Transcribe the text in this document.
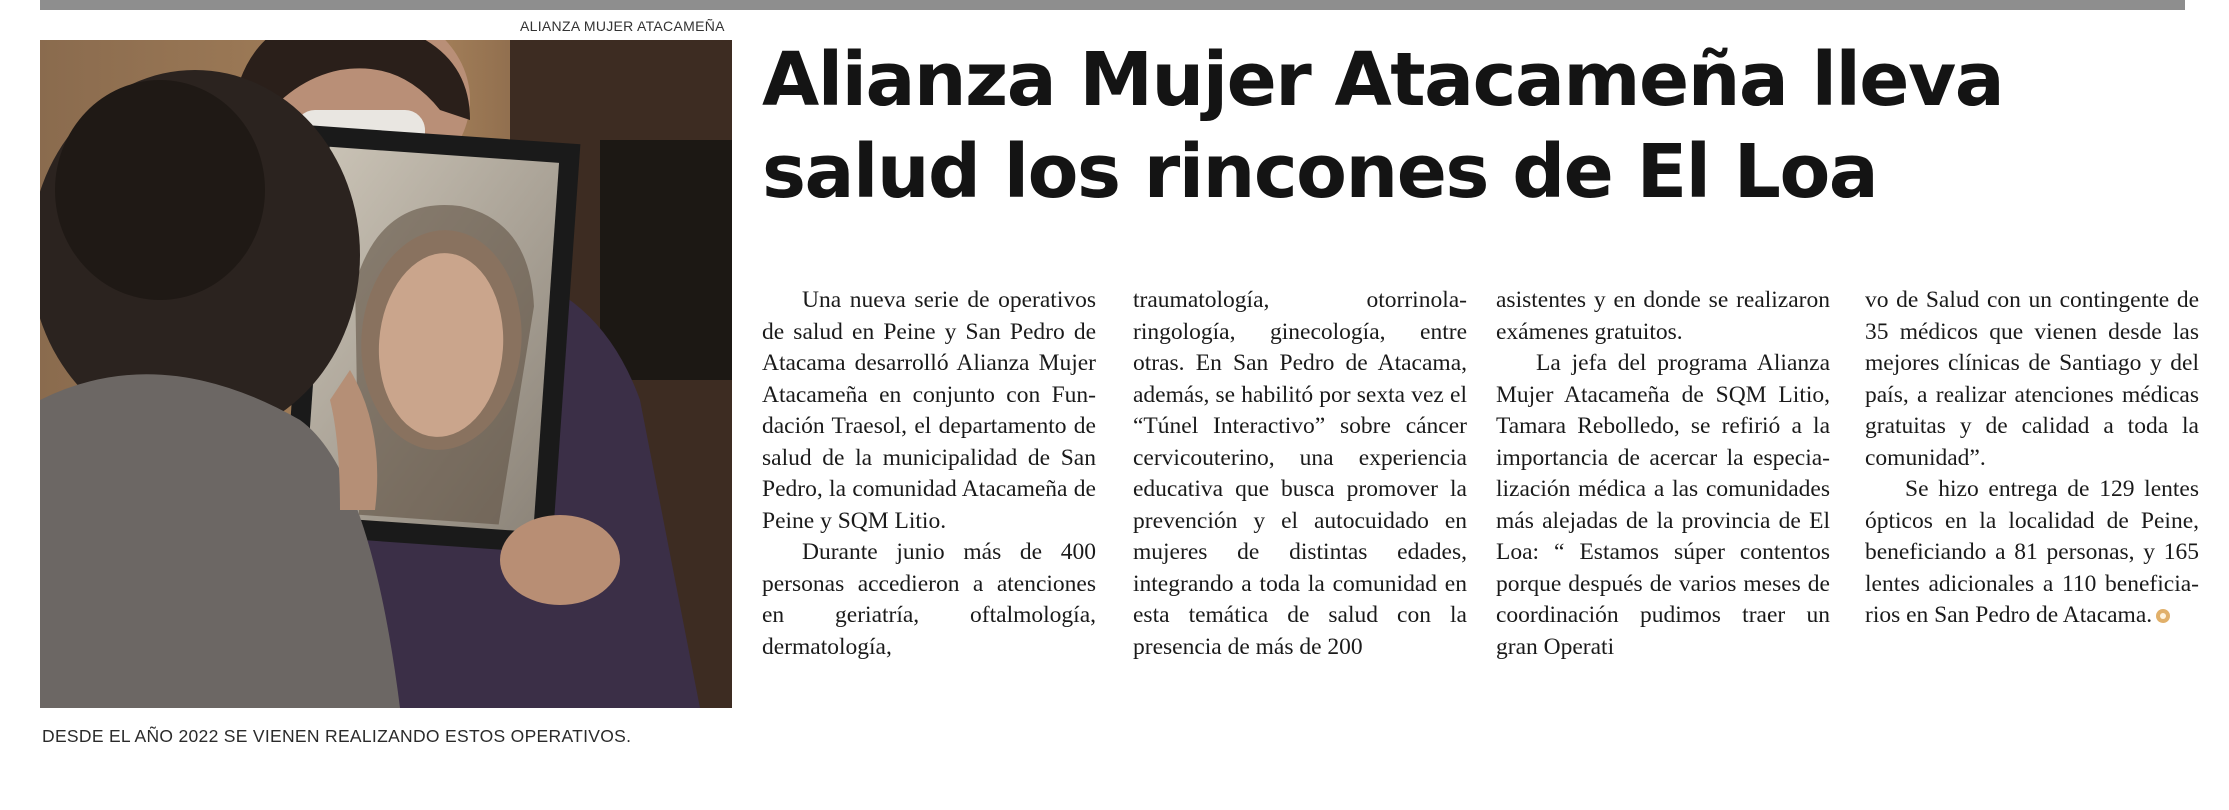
ALIANZA MUJER ATACAMEÑA
DESDE EL AÑO 2022 SE VIENEN REALIZANDO ESTOS OPERATIVOS.
Alianza Mujer Atacameña lleva salud los rincones de El Loa

Una nueva serie de operativos de salud en Peine y San Pedro de Atacama desarrolló Alianza Mujer Atacameña en conjunto con Fundación Traesol, el departamento de salud de la municipalidad de San Pedro, la comunidad Atacameña de Peine y SQM Litio.

Durante junio más de 400 personas accedieron a atenciones en geriatría, oftalmología, dermatología,

traumatología, otorrinolaringología, ginecología, entre otras. En San Pedro de Atacama, además, se habilitó por sexta vez el “Túnel Interactivo” sobre cáncer cervicouterino, una experiencia educativa que busca promover la prevención y el autocuidado en mujeres de distintas edades, integrando a toda la comunidad en esta temática de salud con la presencia de más de 200

asistentes y en donde se realizaron exámenes gratuitos.

La jefa del programa Alianza Mujer Atacameña de SQM Litio, Tamara Rebolledo, se refirió a la importancia de acercar la especialización médica a las comunidades más alejadas de la provincia de El Loa: “ Estamos súper contentos porque después de varios meses de coordinación pudimos traer un gran Operati

vo de Salud con un contingente de 35 médicos que vienen desde las mejores clínicas de Santiago y del país, a realizar atenciones médicas gratuitas y de calidad a toda la comunidad”.

Se hizo entrega de 129 lentes ópticos en la localidad de Peine, beneficiando a 81 personas, y 165 lentes adicionales a 110 beneficiarios en San Pedro de Atacama.
